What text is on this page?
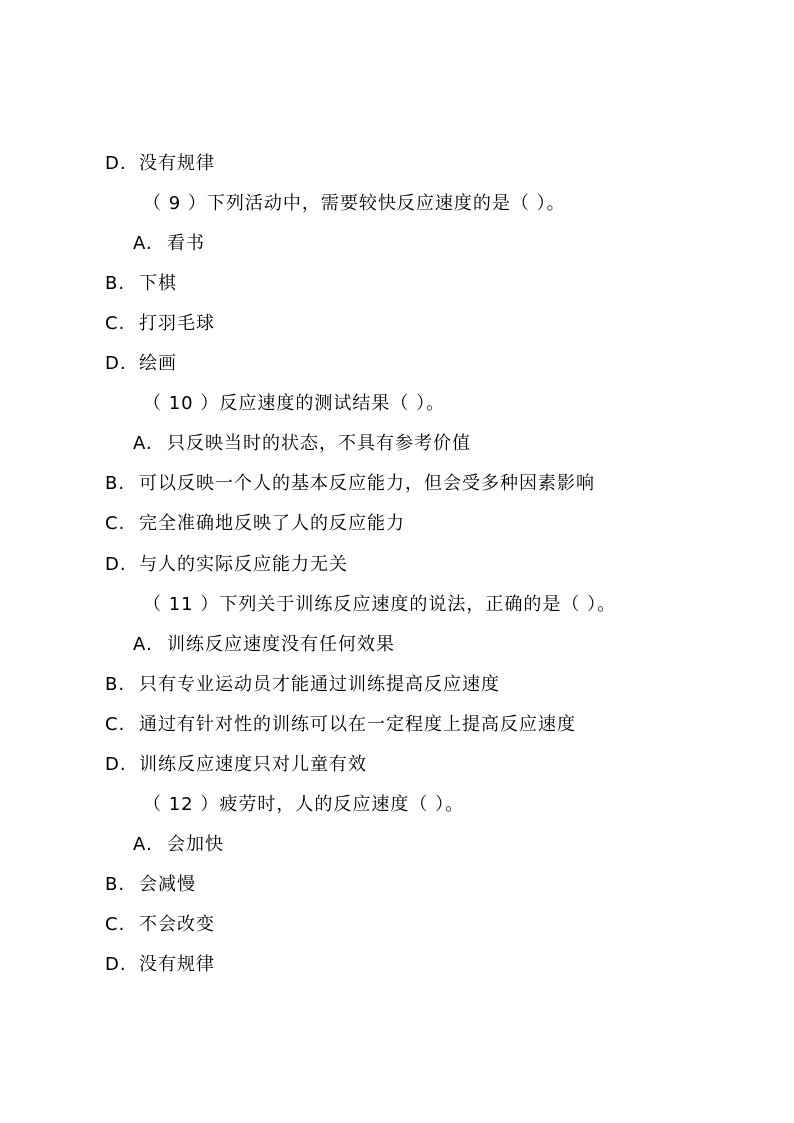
D. 没有规律
（ 9 ）下列活动中，需要较快反应速度的是（ ）。
A. 看书
B. 下棋
C. 打羽毛球
D. 绘画
（ 10 ）反应速度的测试结果（ ）。
A. 只反映当时的状态，不具有参考价值
B. 可以反映一个人的基本反应能力，但会受多种因素影响
C. 完全准确地反映了人的反应能力
D. 与人的实际反应能力无关
（ 11 ）下列关于训练反应速度的说法，正确的是（ ）。
A. 训练反应速度没有任何效果
B. 只有专业运动员才能通过训练提高反应速度
C. 通过有针对性的训练可以在一定程度上提高反应速度
D. 训练反应速度只对儿童有效
（ 12 ）疲劳时，人的反应速度（ ）。
A. 会加快
B. 会减慢
C. 不会改变
D. 没有规律
